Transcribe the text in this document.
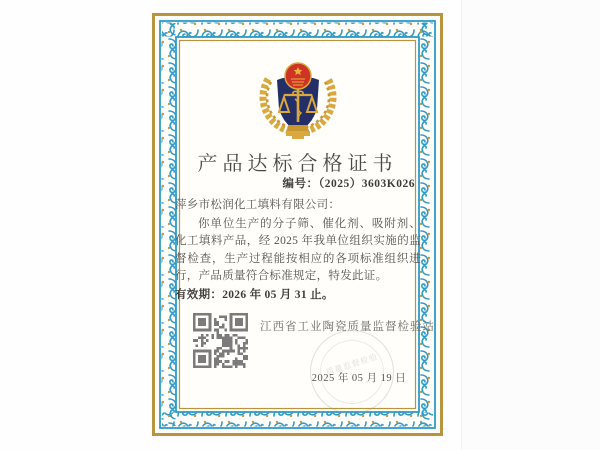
产品达标合格证书
编号：（2025）3603K026

萍乡市松润化工填料有限公司：

你单位生产的分子筛、催化剂、吸附剂、化工填料产品，经 2025 年我单位组织实施的监督检查，生产过程能按相应的各项标准组织进行，产品质量符合标准规定，特发此证。

有效期：2026 年 05 月 31 止。
江西省工业陶瓷质量监督检验站
质量监督检验
2025 年 05 月 19 日
